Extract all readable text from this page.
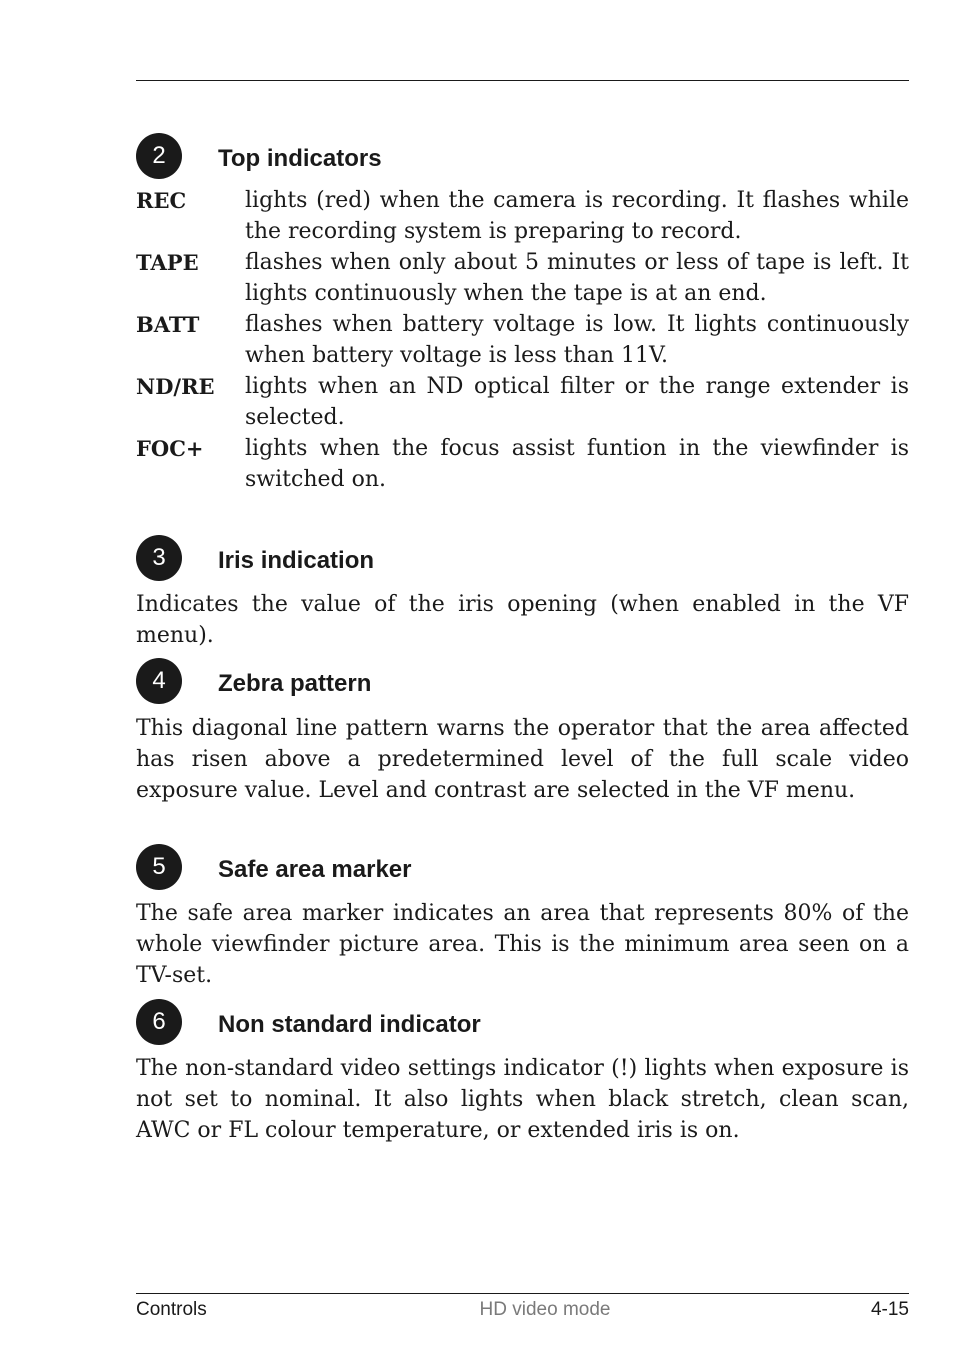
2	Top indicators
REC	lights (red) when the camera is recording. It flashes while the recording system is preparing to record.
TAPE	flashes when only about 5 minutes or less of tape is left. It lights continuously when the tape is at an end.
BATT	flashes when battery voltage is low. It lights continuously when battery voltage is less than 11V.
ND/RE	lights when an ND optical filter or the range extender is selected.
FOC+	lights when the focus assist funtion in the viewfinder is switched on.
3	Iris indication

Indicates the value of the iris opening (when enabled in the VF menu).

4	Zebra pattern

This diagonal line pattern warns the operator that the area affected has risen above a predetermined level of the full scale video exposure value. Level and contrast are selected in the VF menu.

5	Safe area marker

The safe area marker indicates an area that represents 80% of the whole viewfinder picture area. This is the minimum area seen on a TV-set.

6	Non standard indicator

The non-standard video settings indicator (!) lights when exposure is not set to nominal. It also lights when black stretch, clean scan, AWC or FL colour temperature, or extended iris is on.

Controls	HD video mode	4-15
